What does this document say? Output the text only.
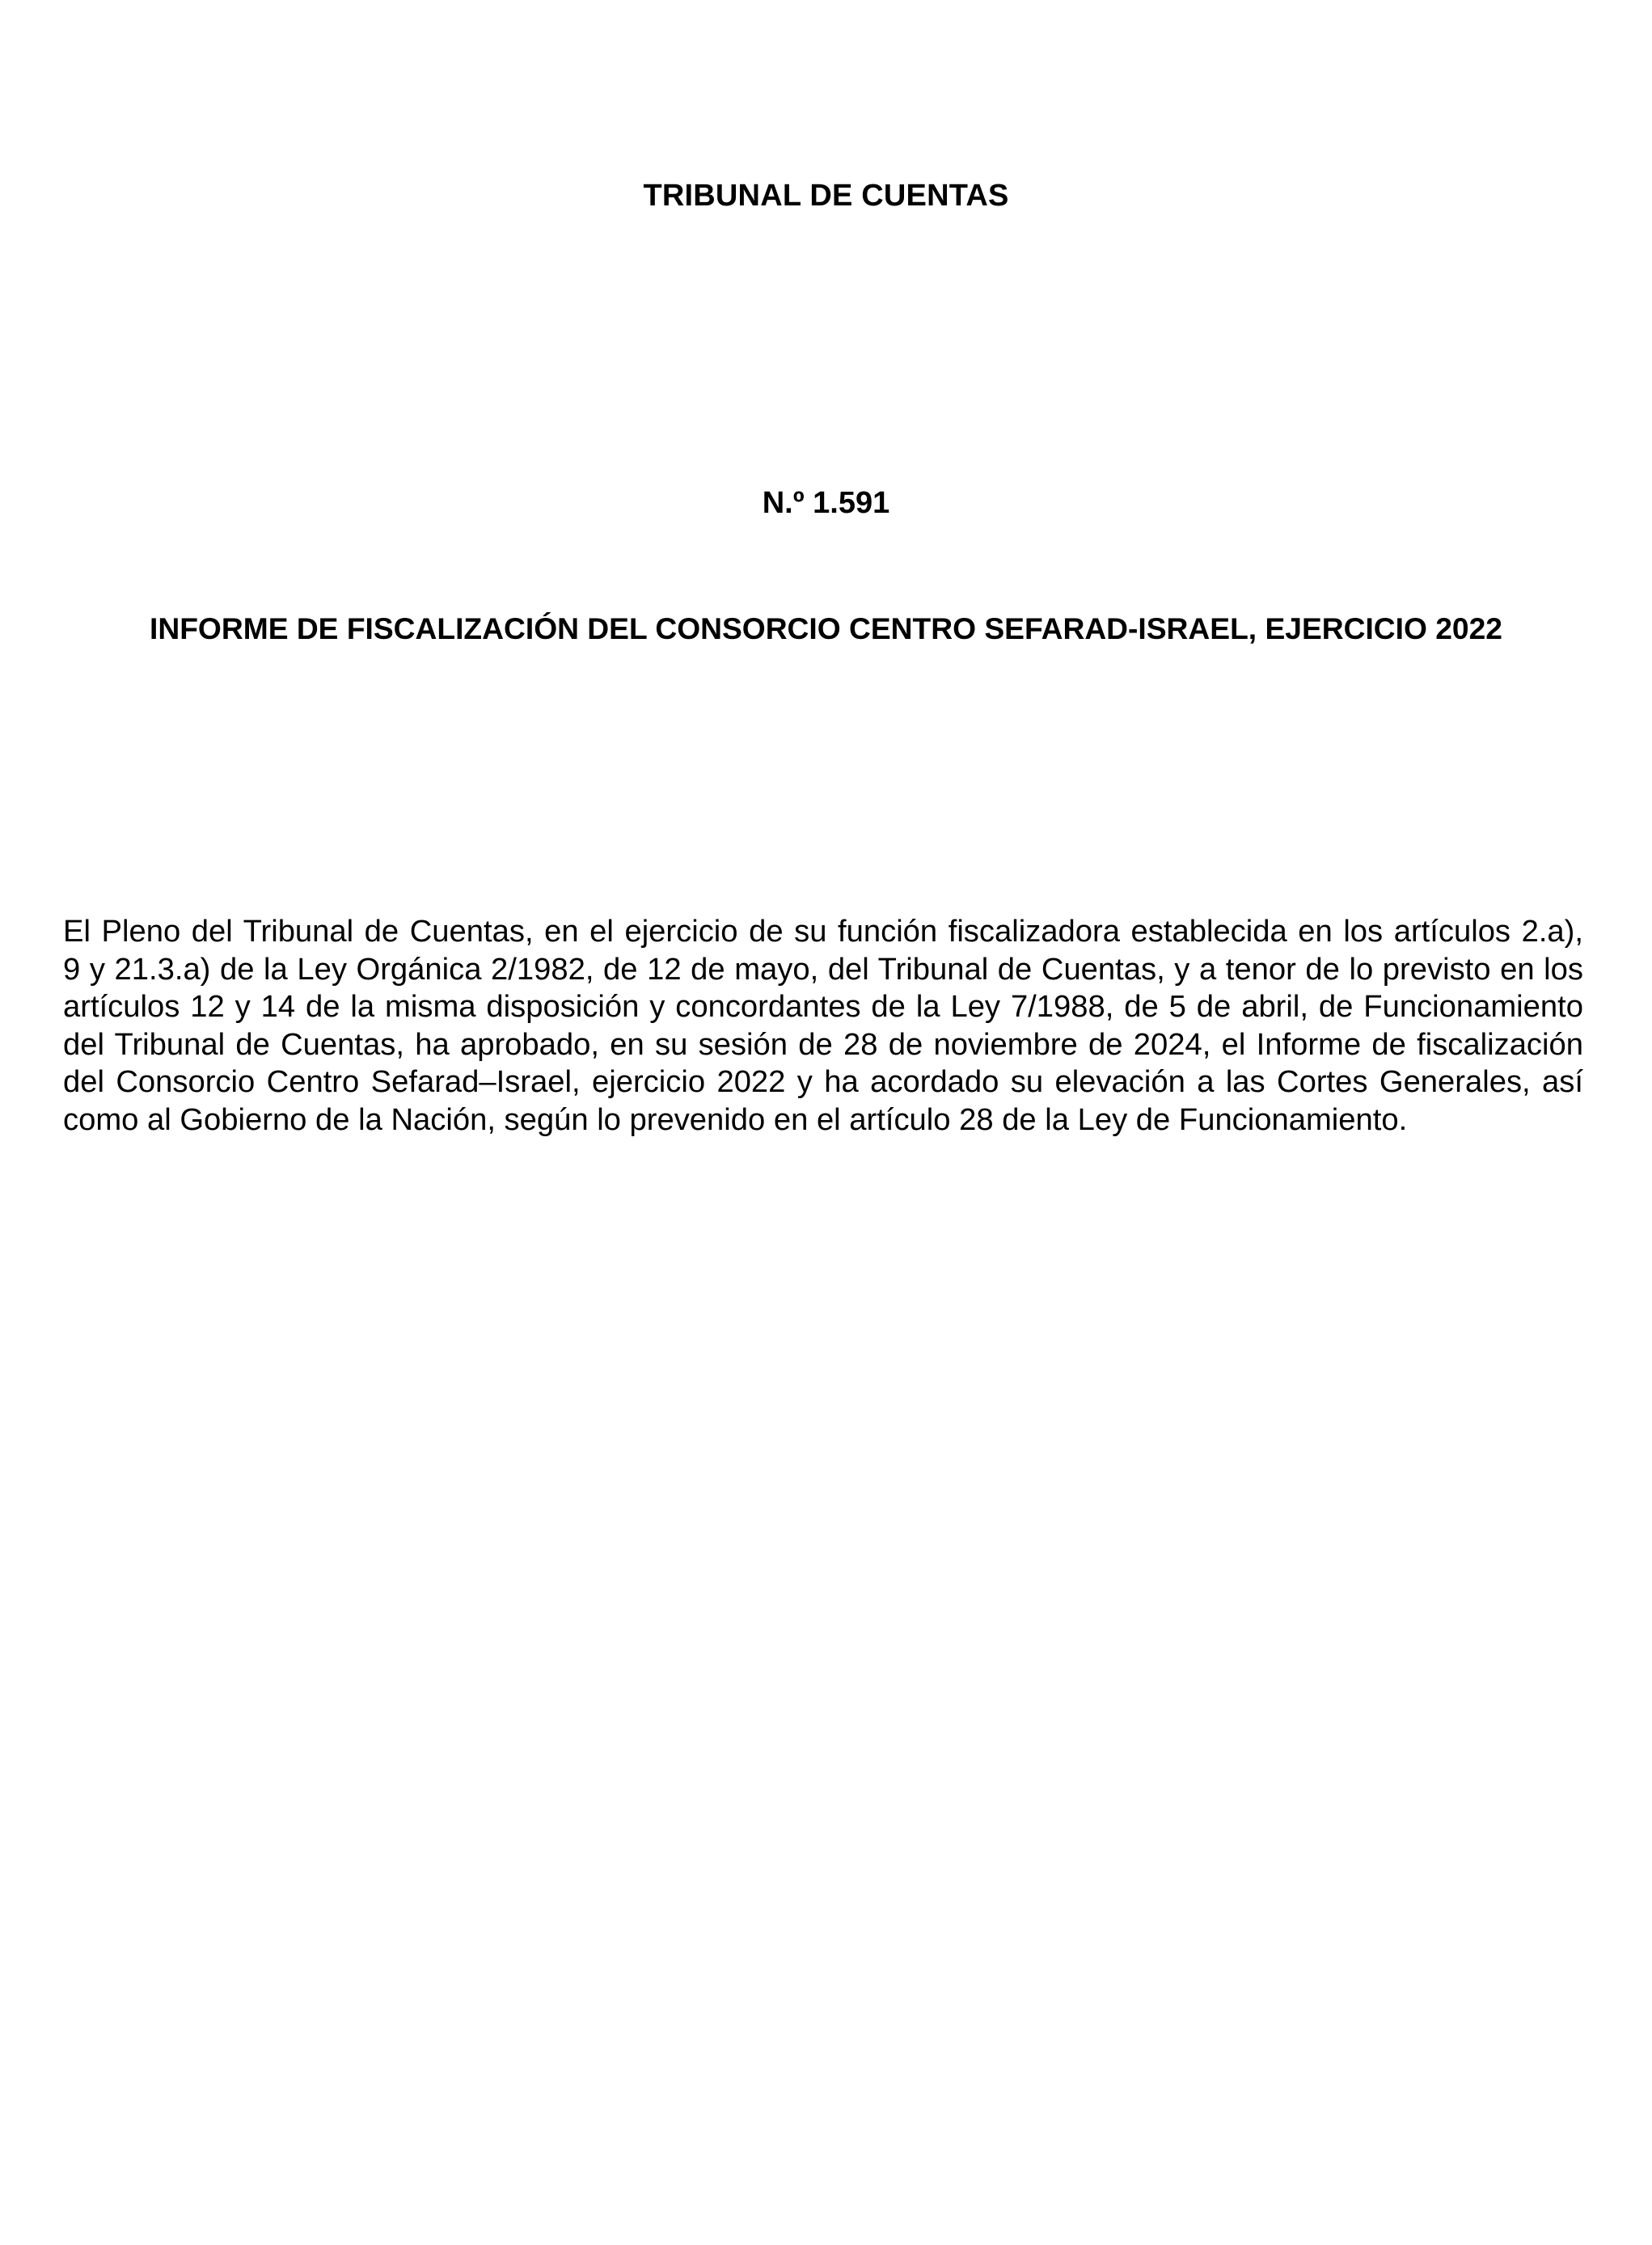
TRIBUNAL DE CUENTAS
N.º 1.591
INFORME DE FISCALIZACIÓN DEL CONSORCIO CENTRO SEFARAD-ISRAEL, EJERCICIO 2022
El Pleno del Tribunal de Cuentas, en el ejercicio de su función fiscalizadora establecida en los artículos 2.a),
9 y 21.3.a) de la Ley Orgánica 2/1982, de 12 de mayo, del Tribunal de Cuentas, y a tenor de lo previsto en los
artículos 12 y 14 de la misma disposición y concordantes de la Ley 7/1988, de 5 de abril, de Funcionamiento
del Tribunal de Cuentas, ha aprobado, en su sesión de 28 de noviembre de 2024, el Informe de fiscalización
del Consorcio Centro Sefarad–Israel, ejercicio 2022 y ha acordado su elevación a las Cortes Generales, así
como al Gobierno de la Nación, según lo prevenido en el artículo 28 de la Ley de Funcionamiento.
